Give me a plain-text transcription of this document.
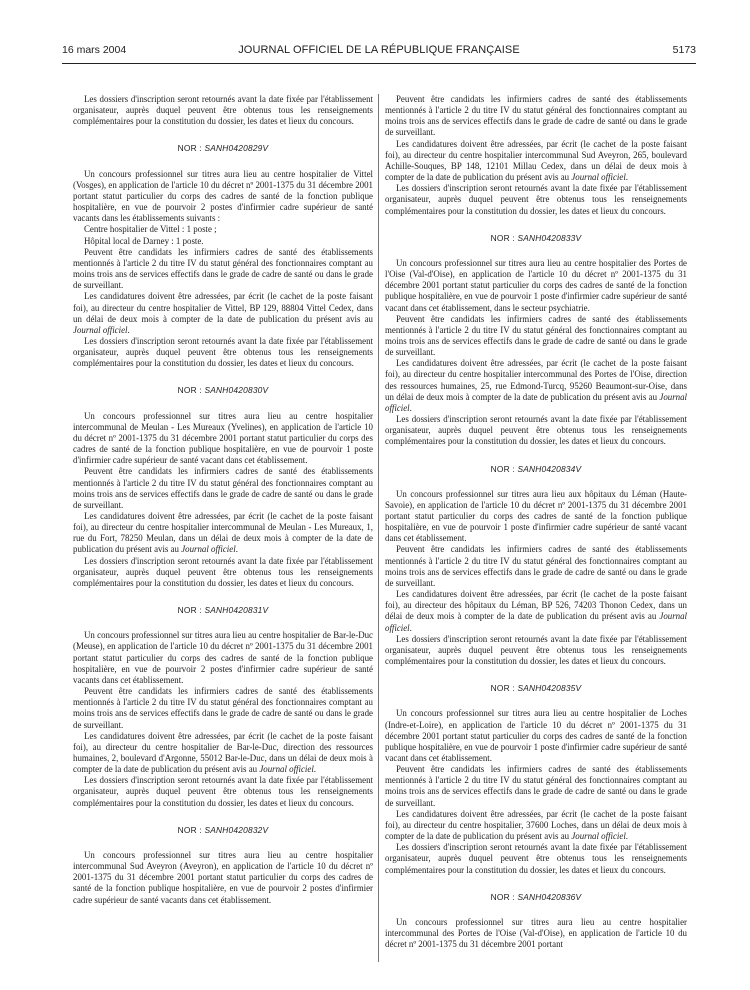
16 mars 2004	JOURNAL OFFICIEL DE LA RÉPUBLIQUE FRANÇAISE	5173

Les dossiers d'inscription seront retournés avant la date fixée par l'établissement organisateur, auprès duquel peuvent être obtenus tous les renseignements complémentaires pour la constitution du dossier, les dates et lieux du concours.

NOR : SANH0420829V

Un concours professionnel sur titres aura lieu au centre hospitalier de Vittel (Vosges), en application de l'article 10 du décret nº 2001-1375 du 31 décembre 2001 portant statut particulier du corps des cadres de santé de la fonction publique hospitalière, en vue de pourvoir 2 postes d'infirmier cadre supérieur de santé vacants dans les établissements suivants :

Centre hospitalier de Vittel : 1 poste ;

Hôpital local de Darney : 1 poste.

Peuvent être candidats les infirmiers cadres de santé des établissements mentionnés à l'article 2 du titre IV du statut général des fonctionnaires comptant au moins trois ans de services effectifs dans le grade de cadre de santé ou dans le grade de surveillant.

Les candidatures doivent être adressées, par écrit (le cachet de la poste faisant foi), au directeur du centre hospitalier de Vittel, BP 129, 88804 Vittel Cedex, dans un délai de deux mois à compter de la date de publication du présent avis au Journal officiel.

Les dossiers d'inscription seront retournés avant la date fixée par l'établissement organisateur, auprès duquel peuvent être obtenus tous les renseignements complémentaires pour la constitution du dossier, les dates et lieux du concours.

NOR : SANH0420830V

Un concours professionnel sur titres aura lieu au centre hospitalier intercommunal de Meulan - Les Mureaux (Yvelines), en application de l'article 10 du décret nº 2001-1375 du 31 décembre 2001 portant statut particulier du corps des cadres de santé de la fonction publique hospitalière, en vue de pourvoir 1 poste d'infirmier cadre supérieur de santé vacant dans cet établissement.

Peuvent être candidats les infirmiers cadres de santé des établissements mentionnés à l'article 2 du titre IV du statut général des fonctionnaires comptant au moins trois ans de services effectifs dans le grade de cadre de santé ou dans le grade de surveillant.

Les candidatures doivent être adressées, par écrit (le cachet de la poste faisant foi), au directeur du centre hospitalier intercommunal de Meulan - Les Mureaux, 1, rue du Fort, 78250 Meulan, dans un délai de deux mois à compter de la date de publication du présent avis au Journal officiel.

Les dossiers d'inscription seront retournés avant la date fixée par l'établissement organisateur, auprès duquel peuvent être obtenus tous les renseignements complémentaires pour la constitution du dossier, les dates et lieux du concours.

NOR : SANH0420831V

Un concours professionnel sur titres aura lieu au centre hospitalier de Bar-le-Duc (Meuse), en application de l'article 10 du décret nº 2001-1375 du 31 décembre 2001 portant statut particulier du corps des cadres de santé de la fonction publique hospitalière, en vue de pourvoir 2 postes d'infirmier cadre supérieur de santé vacants dans cet établissement.

Peuvent être candidats les infirmiers cadres de santé des établissements mentionnés à l'article 2 du titre IV du statut général des fonctionnaires comptant au moins trois ans de services effectifs dans le grade de cadre de santé ou dans le grade de surveillant.

Les candidatures doivent être adressées, par écrit (le cachet de la poste faisant foi), au directeur du centre hospitalier de Bar-le-Duc, direction des ressources humaines, 2, boulevard d'Argonne, 55012 Bar-le-Duc, dans un délai de deux mois à compter de la date de publication du présent avis au Journal officiel.

Les dossiers d'inscription seront retournés avant la date fixée par l'établissement organisateur, auprès duquel peuvent être obtenus tous les renseignements complémentaires pour la constitution du dossier, les dates et lieux du concours.

NOR : SANH0420832V

Un concours professionnel sur titres aura lieu au centre hospitalier intercommunal Sud Aveyron (Aveyron), en application de l'article 10 du décret nº 2001-1375 du 31 décembre 2001 portant statut particulier du corps des cadres de santé de la fonction publique hospitalière, en vue de pourvoir 2 postes d'infirmier cadre supérieur de santé vacants dans cet établissement.

Peuvent être candidats les infirmiers cadres de santé des établissements mentionnés à l'article 2 du titre IV du statut général des fonctionnaires comptant au moins trois ans de services effectifs dans le grade de cadre de santé ou dans le grade de surveillant.

Les candidatures doivent être adressées, par écrit (le cachet de la poste faisant foi), au directeur du centre hospitalier intercommunal Sud Aveyron, 265, boulevard Achille-Souques, BP 148, 12101 Millau Cedex, dans un délai de deux mois à compter de la date de publication du présent avis au Journal officiel.

Les dossiers d'inscription seront retournés avant la date fixée par l'établissement organisateur, auprès duquel peuvent être obtenus tous les renseignements complémentaires pour la constitution du dossier, les dates et lieux du concours.

NOR : SANH0420833V

Un concours professionnel sur titres aura lieu au centre hospitalier des Portes de l'Oise (Val-d'Oise), en application de l'article 10 du décret nº 2001-1375 du 31 décembre 2001 portant statut particulier du corps des cadres de santé de la fonction publique hospitalière, en vue de pourvoir 1 poste d'infirmier cadre supérieur de santé vacant dans cet établissement, dans le secteur psychiatrie.

Peuvent être candidats les infirmiers cadres de santé des établissements mentionnés à l'article 2 du titre IV du statut général des fonctionnaires comptant au moins trois ans de services effectifs dans le grade de cadre de santé ou dans le grade de surveillant.

Les candidatures doivent être adressées, par écrit (le cachet de la poste faisant foi), au directeur du centre hospitalier intercommunal des Portes de l'Oise, direction des ressources humaines, 25, rue Edmond-Turcq, 95260 Beaumont-sur-Oise, dans un délai de deux mois à compter de la date de publication du présent avis au Journal officiel.

Les dossiers d'inscription seront retournés avant la date fixée par l'établissement organisateur, auprès duquel peuvent être obtenus tous les renseignements complémentaires pour la constitution du dossier, les dates et lieux du concours.

NOR : SANH0420834V

Un concours professionnel sur titres aura lieu aux hôpitaux du Léman (Haute-Savoie), en application de l'article 10 du décret nº 2001-1375 du 31 décembre 2001 portant statut particulier du corps des cadres de santé de la fonction publique hospitalière, en vue de pourvoir 1 poste d'infirmier cadre supérieur de santé vacant dans cet établissement.

Peuvent être candidats les infirmiers cadres de santé des établissements mentionnés à l'article 2 du titre IV du statut général des fonctionnaires comptant au moins trois ans de services effectifs dans le grade de cadre de santé ou dans le grade de surveillant.

Les candidatures doivent être adressées, par écrit (le cachet de la poste faisant foi), au directeur des hôpitaux du Léman, BP 526, 74203 Thonon Cedex, dans un délai de deux mois à compter de la date de publication du présent avis au Journal officiel.

Les dossiers d'inscription seront retournés avant la date fixée par l'établissement organisateur, auprès duquel peuvent être obtenus tous les renseignements complémentaires pour la constitution du dossier, les dates et lieux du concours.

NOR : SANH0420835V

Un concours professionnel sur titres aura lieu au centre hospitalier de Loches (Indre-et-Loire), en application de l'article 10 du décret nº 2001-1375 du 31 décembre 2001 portant statut particulier du corps des cadres de santé de la fonction publique hospitalière, en vue de pourvoir 1 poste d'infirmier cadre supérieur de santé vacant dans cet établissement.

Peuvent être candidats les infirmiers cadres de santé des établissements mentionnés à l'article 2 du titre IV du statut général des fonctionnaires comptant au moins trois ans de services effectifs dans le grade de cadre de santé ou dans le grade de surveillant.

Les candidatures doivent être adressées, par écrit (le cachet de la poste faisant foi), au directeur du centre hospitalier, 37600 Loches, dans un délai de deux mois à compter de la date de publication du présent avis au Journal officiel.

Les dossiers d'inscription seront retournés avant la date fixée par l'établissement organisateur, auprès duquel peuvent être obtenus tous les renseignements complémentaires pour la constitution du dossier, les dates et lieux du concours.

NOR : SANH0420836V

Un concours professionnel sur titres aura lieu au centre hospitalier intercommunal des Portes de l'Oise (Val-d'Oise), en application de l'article 10 du décret nº 2001-1375 du 31 décembre 2001 portant
